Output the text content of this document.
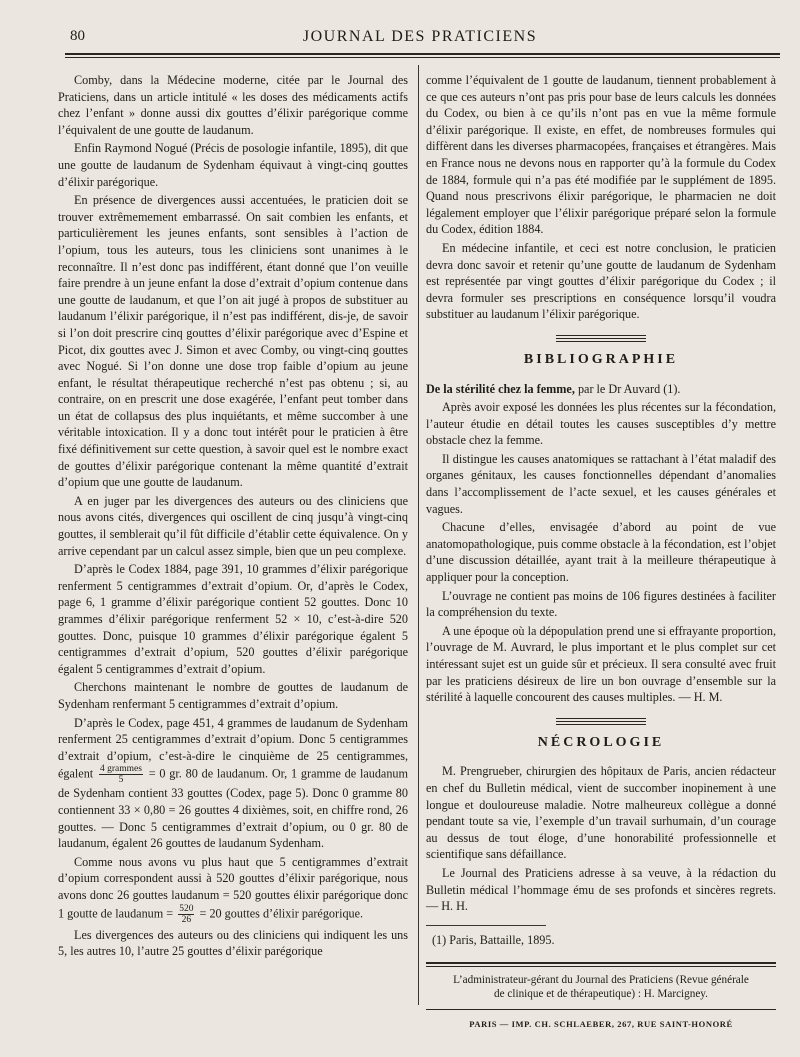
80	JOURNAL DES PRATICIENS

Comby, dans la Médecine moderne, citée par le Journal des Praticiens, dans un article intitulé « les doses des médicaments actifs chez l’enfant » donne aussi dix gouttes d’élixir parégorique comme l’équivalent de une goutte de laudanum.

Enfin Raymond Nogué (Précis de posologie infantile, 1895), dit que une goutte de laudanum de Sydenham équivaut à vingt-cinq gouttes d’élixir parégorique.

En présence de divergences aussi accentuées, le praticien doit se trouver extrêmemement embarrassé. On sait combien les enfants, et particulièrement les jeunes enfants, sont sensibles à l’action de l’opium, tous les auteurs, tous les cliniciens sont unanimes à le reconnaître. Il n’est donc pas indifférent, étant donné que l’on veuille faire prendre à un jeune enfant la dose d’extrait d’opium contenue dans une goutte de laudanum, et que l’on ait jugé à propos de substituer au laudanum l’élixir parégorique, il n’est pas indifférent, dis-je, de savoir si l’on doit prescrire cinq gouttes d’élixir parégorique avec d’Espine et Picot, dix gouttes avec J. Simon et avec Comby, ou vingt-cinq gouttes avec Nogué. Si l’on donne une dose trop faible d’opium au jeune enfant, le résultat thérapeutique recherché n’est pas obtenu ; si, au contraire, on en prescrit une dose exagérée, l’enfant peut tomber dans un état de collapsus des plus inquiétants, et même succomber à une véritable intoxication. Il y a donc tout intérêt pour le praticien à être fixé définitivement sur cette question, à savoir quel est le nombre exact de gouttes d’élixir parégorique contenant la même quantité d’extrait d’opium que une goutte de laudanum.

A en juger par les divergences des auteurs ou des cliniciens que nous avons cités, divergences qui oscillent de cinq jusqu’à vingt-cinq gouttes, il semblerait qu’il fût difficile d’établir cette équivalence. On y arrive cependant par un calcul assez simple, bien que un peu complexe.

D’après le Codex 1884, page 391, 10 grammes d’élixir parégorique renferment 5 centigrammes d’extrait d’opium. Or, d’après le Codex, page 6, 1 gramme d’élixir parégorique contient 52 gouttes. Donc 10 grammes d’élixir parégorique renferment 52 × 10, c’est-à-dire 520 gouttes. Donc, puisque 10 grammes d’élixir parégorique égalent 5 centigrammes d’extrait d’opium, 520 gouttes d’élixir parégorique égalent 5 centigrammes d’extrait d’opium.

Cherchons maintenant le nombre de gouttes de laudanum de Sydenham renfermant 5 centigrammes d’extrait d’opium.

D’après le Codex, page 451, 4 grammes de laudanum de Sydenham renferment 25 centigrammes d’extrait d’opium. Donc 5 centigrammes d’extrait d’opium, c’est-à-dire le cinquième de 25 centigrammes, égalent 4 grammes
5	= 0 gr. 80 de laudanum. Or, 1 gramme de laudanum de Sydenham contient 33 gouttes (Codex, page 5). Donc 0 gramme 80 contiennent 33 × 0,80 = 26 gouttes 4 dixièmes, soit, en chiffre rond, 26 gouttes. — Donc 5 centigrammes d’extrait d’opium, ou 0 gr. 80 de laudanum, égalent 26 gouttes de laudanum Sydenham.

Comme nous avons vu plus haut que 5 centigrammes d’extrait d’opium correspondent aussi à 520 gouttes d’élixir parégorique, nous avons donc 26 gouttes laudanum = 520 gouttes élixir parégorique donc 1 goutte de laudanum = $\frac{520}{26} = 20$ gouttes d’élixir parégorique.

Les divergences des auteurs ou des cliniciens qui indiquent les uns 5, les autres 10, l’autre 25 gouttes d’élixir parégorique

comme l’équivalent de 1 goutte de laudanum, tiennent probablement à ce que ces auteurs n’ont pas pris pour base de leurs calculs les données du Codex, ou bien à ce qu’ils n’ont pas en vue la même formule d’élixir parégorique. Il existe, en effet, de nombreuses formules qui diffèrent dans les diverses pharmacopées, françaises et étrangères. Mais en France nous ne devons nous en rapporter qu’à la formule du Codex de 1884, formule qui n’a pas été modifiée par le supplément de 1895. Quand nous prescrivons élixir parégorique, le pharmacien ne doit légalement employer que l’élixir parégorique préparé selon la formule du Codex, édition 1884.

En médecine infantile, et ceci est notre conclusion, le praticien devra donc savoir et retenir qu’une goutte de laudanum de Sydenham est représentée par vingt gouttes d’élixir parégorique du Codex ; il devra formuler ses prescriptions en conséquence lorsqu’il voudra substituer au laudanum l’élixir parégorique.

BIBLIOGRAPHIE

De la stérilité chez la femme, par le Dr Auvard (1).

Après avoir exposé les données les plus récentes sur la fécondation, l’auteur étudie en détail toutes les causes susceptibles d’y mettre obstacle chez la femme.

Il distingue les causes anatomiques se rattachant à l’état maladif des organes génitaux, les causes fonctionnelles dépendant d’anomalies dans l’accomplissement de l’acte sexuel, et les causes générales et vagues.

Chacune d’elles, envisagée d’abord au point de vue anatomopathologique, puis comme obstacle à la fécondation, est l’objet d’une discussion détaillée, ayant trait à la meilleure thérapeutique à appliquer pour la conception.

L’ouvrage ne contient pas moins de 106 figures destinées à faciliter la compréhension du texte.

A une époque où la dépopulation prend une si effrayante proportion, l’ouvrage de M. Auvrard, le plus important et le plus complet sur cet intéressant sujet est un guide sûr et précieux. Il sera consulté avec fruit par les praticiens désireux de lire un bon ouvrage d’ensemble sur la stérilité à laquelle concourent des causes multiples. — H. M.

NÉCROLOGIE

M. Prengrueber, chirurgien des hôpitaux de Paris, ancien rédacteur en chef du Bulletin médical, vient de succomber inopinement à une longue et douloureuse maladie. Notre malheureux collègue a donné pendant toute sa vie, l’exemple d’un travail surhumain, d’un courage au dessus de tout éloge, d’une honorabilité professionnelle et scientifique sans défaillance.

Le Journal des Praticiens adresse à sa veuve, à la rédaction du Bulletin médical l’hommage ému de ses profonds et sincères regrets. — H. H.

(1) Paris, Battaille, 1895.
L’administrateur-gérant du Journal des Praticiens (Revue générale
de clinique et de thérapeutique) : H. Marcigney.
PARIS — IMP. CH. SCHLAEBER, 267, RUE SAINT-HONORÉ
